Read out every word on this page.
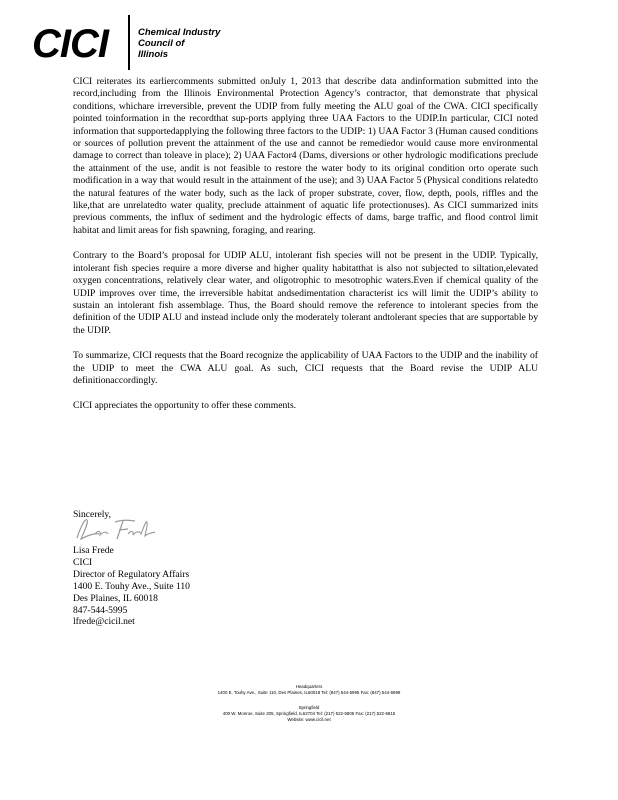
CICI	Chemical Industry
Council of
Illinois

CICI reiterates its earliercomments submitted onJuly 1, 2013 that describe data andinformation submitted into the record,including from the Illinois Environmental Protection Agency’s contractor, that demonstrate that physical conditions, whichare irreversible, prevent the UDIP from fully meeting the ALU goal of the CWA. CICI specifically pointed toinformation in the recordthat sup-ports applying three UAA Factors to the UDIP.In particular, CICI noted information that supportedapplying the following three factors to the UDIP: 1) UAA Factor 3 (Human caused conditions or sources of pollution prevent the attainment of the use and cannot be remediedor would cause more environmental damage to correct than toleave in place); 2) UAA Factor4 (Dams, diversions or other hydrologic modifications preclude the attainment of the use, andit is not feasible to restore the water body to its original condition orto operate such modification in a way that would result in the attainment of the use); and 3) UAA Factor 5 (Physical conditions relatedto the natural features of the water body, such as the lack of proper substrate, cover, flow, depth, pools, riffles and the like,that are unrelatedto water quality, preclude attainment of aquatic life protectionuses). As CICI summarized inits previous comments, the influx of sediment and the hydrologic effects of dams, barge traffic, and flood control limit habitat and limit areas for fish spawning, foraging, and rearing.

Contrary to the Board’s proposal for UDIP ALU, intolerant fish species will not be present in the UDIP. Typically, intolerant fish species require a more diverse and higher quality habitatthat is also not subjected to siltation,elevated oxygen concentrations, relatively clear water, and oligotrophic to mesotrophic waters.Even if chemical quality of the UDIP improves over time, the irreversible habitat andsedimentation characterist ics will limit the UDIP’s ability to sustain an intolerant fish assemblage. Thus, the Board should remove the reference to intolerant species from the definition of the UDIP ALU and instead include only the moderately tolerant andtolerant species that are supportable by the UDIP.

To summarize, CICI requests that the Board recognize the applicability of UAA Factors to the UDIP and the inability of the UDIP to meet the CWA ALU goal. As such, CICI requests that the Board revise the UDIP ALU definitionaccordingly.

CICI appreciates the opportunity to offer these comments.

Sincerely,
Lisa Frede
CICI
Director of Regulatory Affairs
1400 E. Touhy Ave., Suite 110
Des Plaines, IL 60018
847-544-5995
lfrede@cicil.net
Headquarters
1400 E. Touhy Ave., Suite 110, Des Plaines, IL60018 Tel: (847) 544-5995 Fax: (847) 544-5999
Springfield
400 W. Monroe, Suite 205, Springfield, IL62704 Tel: (217) 522-5805 Fax: (217) 522-5815
Website: www.cicil.net
